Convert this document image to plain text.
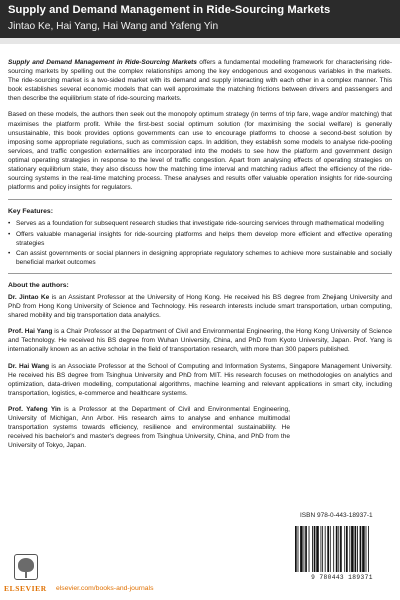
Supply and Demand Management in Ride-Sourcing Markets
Jintao Ke, Hai Yang, Hai Wang and Yafeng Yin

Supply and Demand Management in Ride-Sourcing Markets offers a fundamental modelling framework for characterising ride-sourcing markets by spelling out the complex relationships among the key endogenous and exogenous variables in the markets. The ride-sourcing market is a two-sided market with its demand and supply interacting with each other in a complex manner. This book establishes several economic models that can well approximate the matching frictions between drivers and passengers and then describe the equilibrium state of ride-sourcing markets.

Based on these models, the authors then seek out the monopoly optimum strategy (in terms of trip fare, wage and/or matching) that maximises the platform profit. While the first-best social optimum solution (for maximising the social welfare) is generally unsustainable, this book provides options governments can use to encourage platforms to choose a second-best solution by imposing some appropriate regulations, such as commission caps. In addition, they establish some models to analyse ride-pooling services, and traffic congestion externalities are incorporated into the models to see how the platform and government design optimal operating strategies in response to the level of traffic congestion. Apart from analysing effects of operating strategies on stationary equilibrium state, they also discuss how the matching time interval and matching radius affect the efficiency of the ride-sourcing systems in the real-time matching process. These analyses and results offer valuable operation insights for ride-sourcing platforms and policy insights for regulators.

Key Features:
• Serves as a foundation for subsequent research studies that investigate ride-sourcing services through mathematical modelling
• Offers valuable managerial insights for ride-sourcing platforms and helps them develop more efficient and effective operating strategies
• Can assist governments or social planners in designing appropriate regulatory schemes to achieve more sustainable and socially beneficial market outcomes
About the authors:

Dr. Jintao Ke is an Assistant Professor at the University of Hong Kong. He received his BS degree from Zhejiang University and PhD from Hong Kong University of Science and Technology. His research interests include smart transportation, urban computing, shared mobility and big transportation data analytics.

Prof. Hai Yang is a Chair Professor at the Department of Civil and Environmental Engineering, the Hong Kong University of Science and Technology. He received his BS degree from Wuhan University, China, and PhD from Kyoto University, Japan. Prof. Yang is internationally known as an active scholar in the field of transportation research, with more than 300 papers published.

Dr. Hai Wang is an Associate Professor at the School of Computing and Information Systems, Singapore Management University. He received his BS degree from Tsinghua University and PhD from MIT. His research focuses on methodologies on analytics and optimization, data-driven modelling, computational algorithms, machine learning and relevant applications in smart city, including transportation, logistics, e-commerce and healthcare systems.

Prof. Yafeng Yin is a Professor at the Department of Civil and Environmental Engineering, University of Michigan, Ann Arbor. His research aims to analyse and enhance multimodal transportation systems towards efficiency, resilience and environmental sustainability. He received his bachelor's and master's degrees from Tsinghua University, China, and PhD from the University of Tokyo, Japan.

ISBN 978-0-443-18937-1
9 780443 189371
ELSEVIER elsevier.com/books-and-journals
